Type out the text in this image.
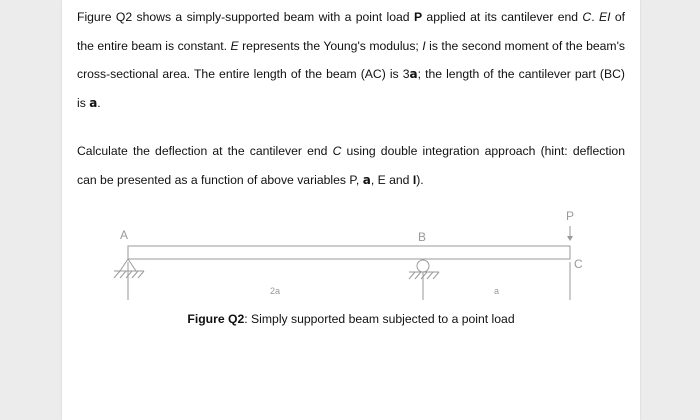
Figure Q2 shows a simply-supported beam with a point load P applied at its cantilever end C. EI of the entire beam is constant. E represents the Young's modulus; I is the second moment of the beam's cross-sectional area. The entire length of the beam (AC) is 3a; the length of the cantilever part (BC) is a.
Calculate the deflection at the cantilever end C using double integration approach (hint: deflection can be presented as a function of above variables P, a, E and I).
A	B
C
P
2a	a
Figure Q2: Simply supported beam subjected to a point load
